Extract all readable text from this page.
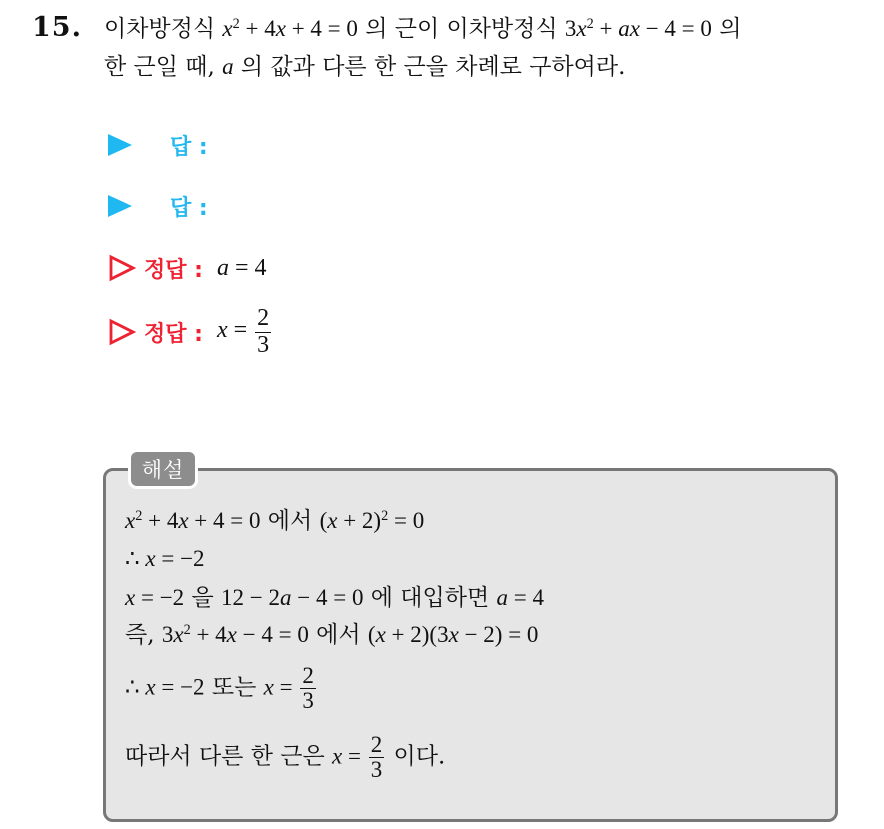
15. 이차방정식 $x^2 + 4x + 4 = 0$ 의 근이 이차방정식 $3x^2$ + ax − 4 = 0 의
한 근일 때, a 의 값과 다른 한 근을 차례로 구하여라.
답 :
답 :
정답 : a = 4
정답 : $x = \frac{2}{3}$
해설
$x^2 + 4x + 4 = 0$ 에서 $(x + 2)^2 = 0$
∴ x = −2
x = −2 을 12 − 2a − 4 = 0 에 대입하면 a = 4
즉, $3x^2 + 4x - 4 = 0$ 에서 (x + 2)(3x − 2) = 0
∴ x = −2 또는 $x = \frac{2}{3}$
따라서 다른 한 근은 $x = \frac{2}{3}$ 이다.
